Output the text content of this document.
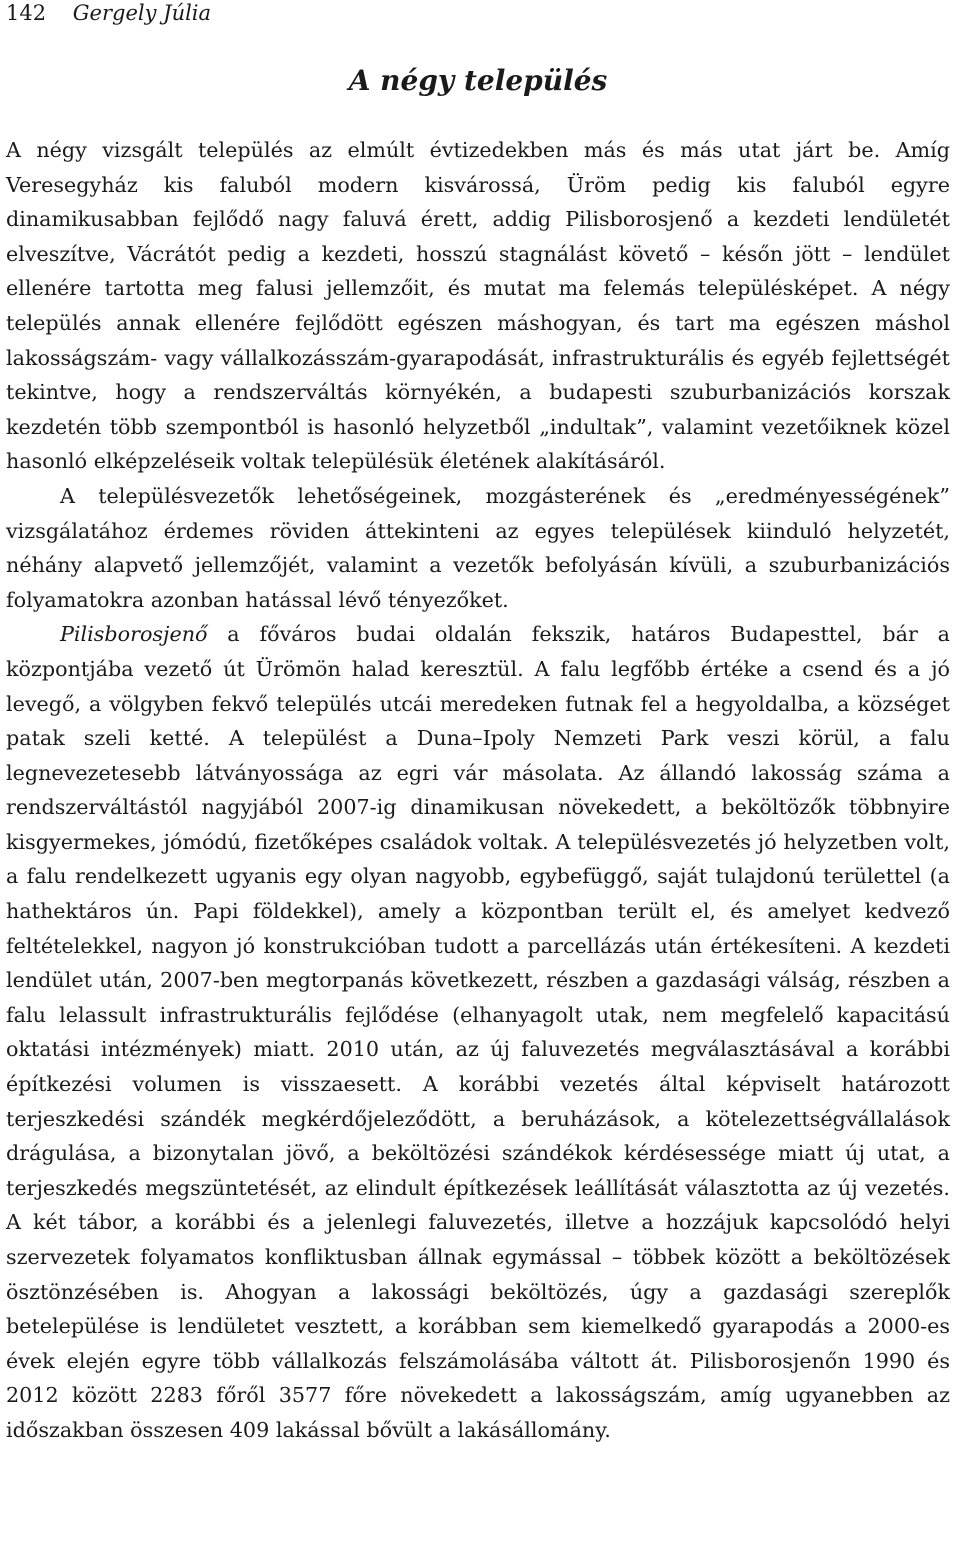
142 Gergely Júlia
A négy település

A négy vizsgált település az elmúlt évtizedekben más és más utat járt be. Amíg Veresegyház kis faluból modern kisvárossá, Üröm pedig kis faluból egyre dinamikusabban fejlődő nagy faluvá érett, addig Pilisborosjenő a kezdeti lendületét elveszítve, Vácrátót pedig a kezdeti, hosszú stagnálást követő – későn jött – lendület ellenére tartotta meg falusi jellemzőit, és mutat ma felemás településképet. A négy település annak ellenére fejlődött egészen máshogyan, és tart ma egészen máshol lakosságszám- vagy vállalkozásszám-gyarapodását, infrastrukturális és egyéb fejlettségét tekintve, hogy a rendszerváltás környékén, a budapesti szuburbanizációs korszak kezdetén több szempontból is hasonló helyzetből „indultak”, valamint vezetőiknek közel hasonló elképzeléseik voltak településük életének alakításáról.

A településvezetők lehetőségeinek, mozgásterének és „eredményességének” vizsgálatához érdemes röviden áttekinteni az egyes települések kiinduló helyzetét, néhány alapvető jellemzőjét, valamint a vezetők befolyásán kívüli, a szuburbanizációs folyamatokra azonban hatással lévő tényezőket.

Pilisborosjenő a főváros budai oldalán fekszik, határos Budapesttel, bár a központjába vezető út Ürömön halad keresztül. A falu legfőbb értéke a csend és a jó levegő, a völgyben fekvő település utcái meredeken futnak fel a hegyoldalba, a községet patak szeli ketté. A települést a Duna–Ipoly Nemzeti Park veszi körül, a falu legnevezetesebb látványossága az egri vár másolata. Az állandó lakosság száma a rendszerváltástól nagyjából 2007-ig dinamikusan növekedett, a beköltözők többnyire kisgyermekes, jómódú, fizetőképes családok voltak. A településvezetés jó helyzetben volt, a falu rendelkezett ugyanis egy olyan nagyobb, egybefüggő, saját tulajdonú területtel (a hathektáros ún. Papi földekkel), amely a központban terült el, és amelyet kedvező feltételekkel, nagyon jó konstrukcióban tudott a parcellázás után értékesíteni. A kezdeti lendület után, 2007-ben megtorpanás következett, részben a gazdasági válság, részben a falu lelassult infrastrukturális fejlődése (elhanyagolt utak, nem megfelelő kapacitású oktatási intézmények) miatt. 2010 után, az új faluvezetés megválasztásával a korábbi építkezési volumen is visszaesett. A korábbi vezetés által képviselt határozott terjeszkedési szándék megkérdőjeleződött, a beruházások, a kötelezettségvállalások drágulása, a bizonytalan jövő, a beköltözési szándékok kérdésessége miatt új utat, a terjeszkedés megszüntetését, az elindult építkezések leállítását választotta az új vezetés. A két tábor, a korábbi és a jelenlegi faluvezetés, illetve a hozzájuk kapcsolódó helyi szervezetek folyamatos konfliktusban állnak egymással – többek között a beköltözések ösztönzésében is. Ahogyan a lakossági beköltözés, úgy a gazdasági szereplők betelepülése is lendületet vesztett, a korábban sem kiemelkedő gyarapodás a 2000-es évek elején egyre több vállalkozás felszámolásába váltott át. Pilisborosjenőn 1990 és 2012 között 2283 főről 3577 főre növekedett a lakosságszám, amíg ugyanebben az időszakban összesen 409 lakással bővült a lakásállomány.
